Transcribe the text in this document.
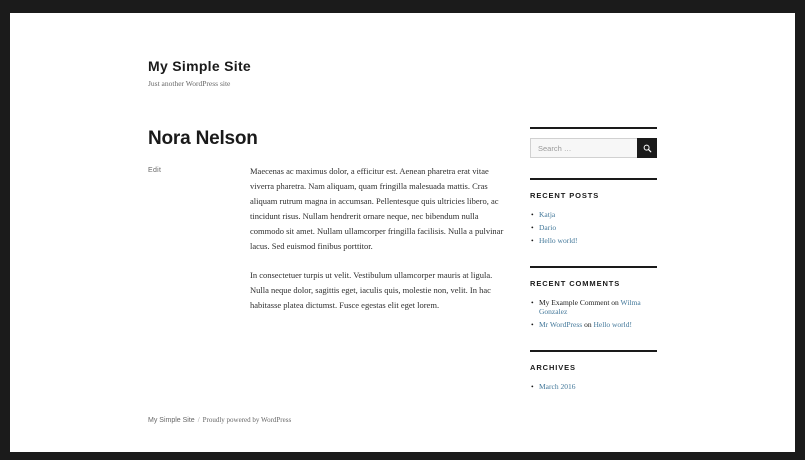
My Simple Site
Just another WordPress site
Nora Nelson
Edit	Maecenas ac maximus dolor, a efficitur est. Aenean pharetra erat vitae viverra pharetra. Nam aliquam, quam fringilla malesuada mattis. Cras aliquam rutrum magna in accumsan. Pellentesque quis ultricies libero, ac tincidunt risus. Nullam hendrerit ornare neque, nec bibendum nulla commodo sit amet. Nullam ullamcorper fringilla facilisis. Nulla a pulvinar lacus. Sed euismod finibus porttitor.

In consectetuer turpis ut velit. Vestibulum ullamcorper mauris at ligula. Nulla neque dolor, sagittis eget, iaculis quis, molestie non, velit. In hac habitasse platea dictumst. Fusce egestas elit eget lorem.

Search …
RECENT POSTS
• Katja
• Dario
• Hello world!
RECENT COMMENTS
• My Example Comment on Wilma Gonzalez
• Mr WordPress on Hello world!
ARCHIVES
• March 2016
My Simple Site / Proudly powered by WordPress
